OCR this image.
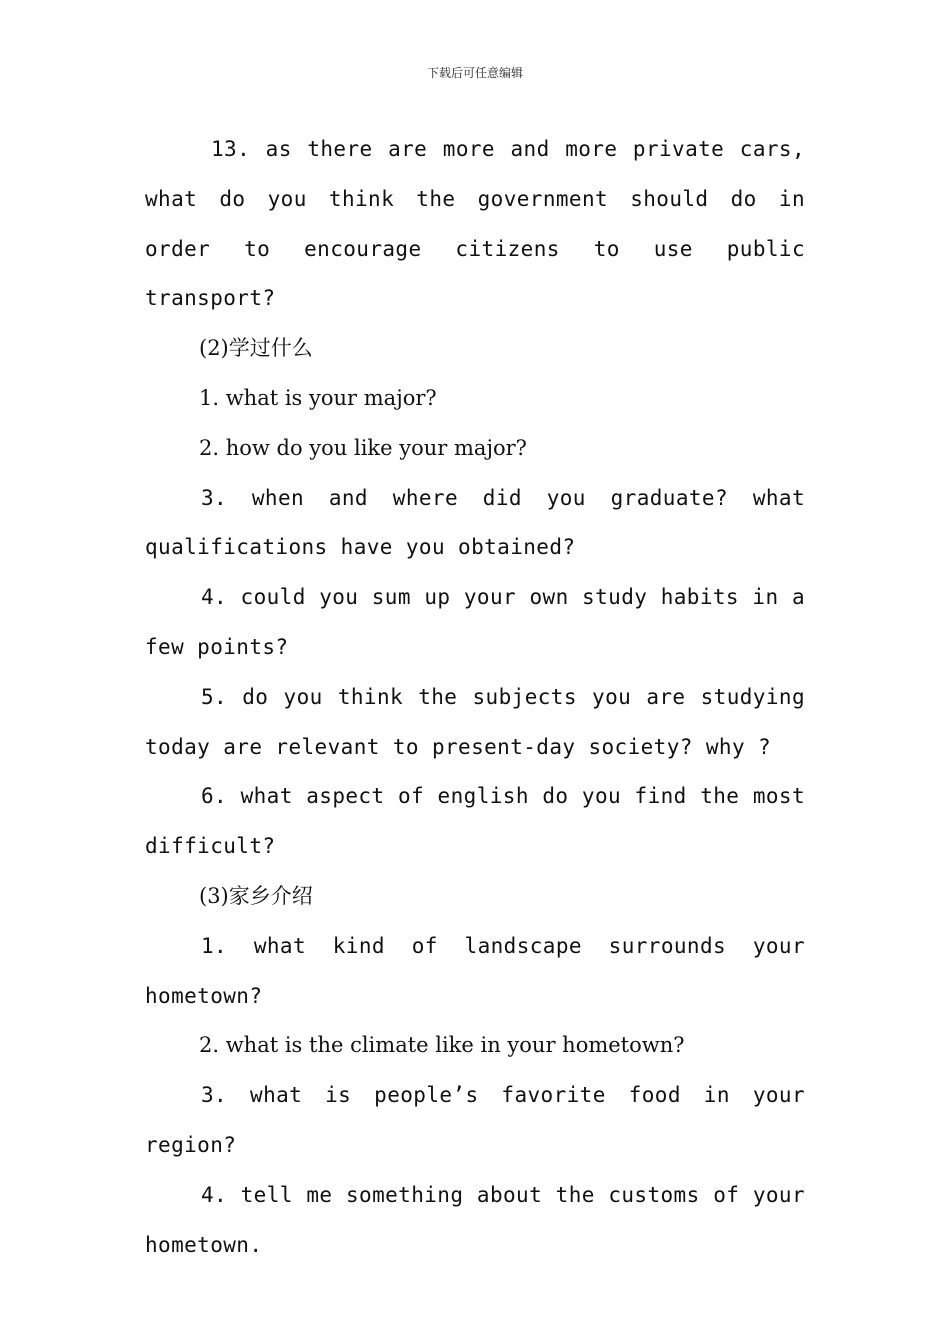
下载后可任意编辑

13. as there are more and more private cars, what do you think the government should do in order to encourage citizens to use public transport?

(2)学过什么

1. what is your major?

2. how do you like your major?

3. when and where did you graduate? what qualifications have you obtained?

4. could you sum up your own study habits in a few points?

5. do you think the subjects you are studying today are relevant to present-day society? why ?

6. what aspect of english do you find the most difficult?

(3)家乡介绍

1. what kind of landscape surrounds your hometown?

2. what is the climate like in your hometown?

3. what is people’s favorite food in your region?

4. tell me something about the customs of your hometown.
